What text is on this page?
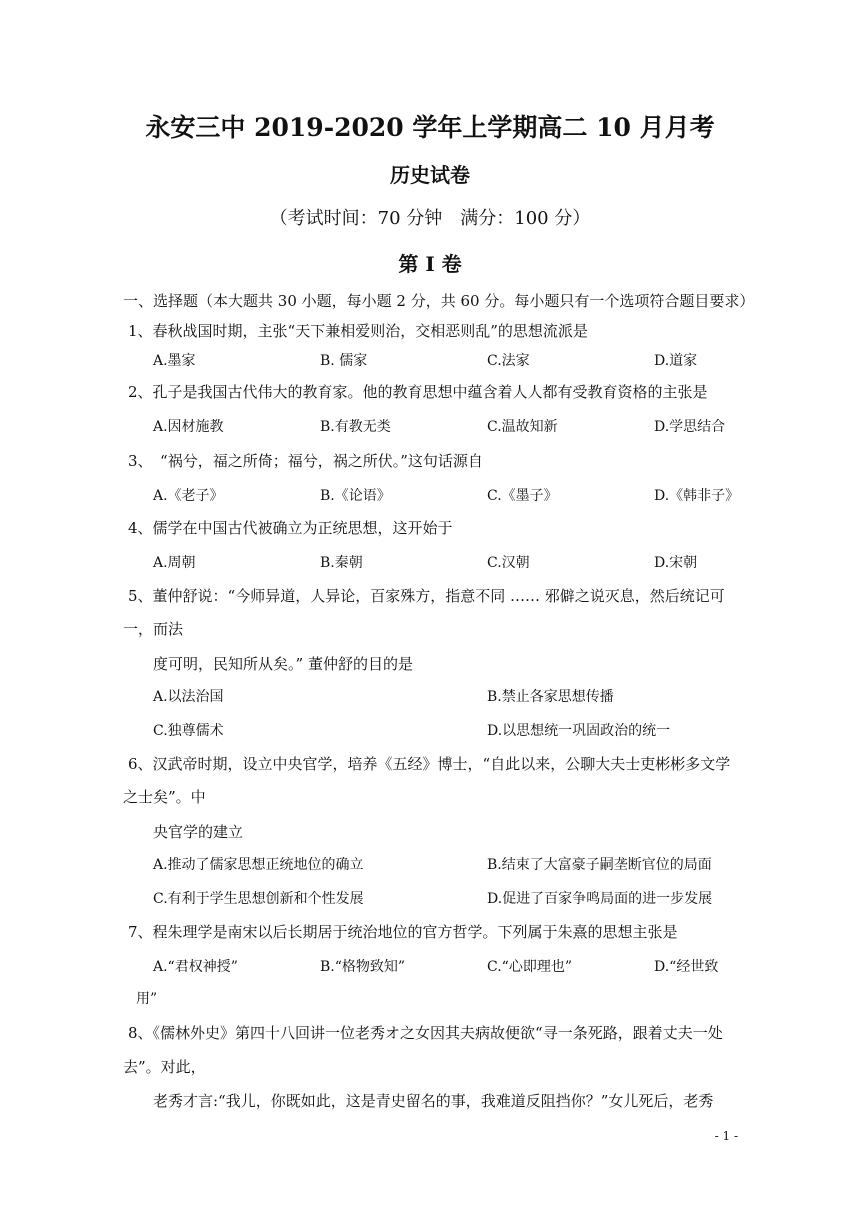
永安三中 2019-2020 学年上学期高二 10 月月考
历史试卷
（考试时间：70 分钟　满分：100 分）
第 I 卷
一、选择题（本大题共 30 小题，每小题 2 分，共 60 分。每小题只有一个选项符合题目要求）
1、春秋战国时期，主张“天下兼相爱则治，交相恶则乱”的思想流派是
A.墨家	B. 儒家	C.法家	D.道家
2、孔子是我国古代伟大的教育家。他的教育思想中蕴含着人人都有受教育资格的主张是
A.因材施教	B.有教无类	C.温故知新	D.学思结合
3、　“祸兮，福之所倚；福兮，祸之所伏。”这句话源自
A.《老子》	B.《论语》	C.《墨子》	D.《韩非子》
4、儒学在中国古代被确立为正统思想，这开始于
A.周朝	B.秦朝	C.汉朝	D.宋朝
5、董仲舒说：“今师异道，人异论，百家殊方，指意不同 …… 邪僻之说灭息，然后统记可
一，而法
度可明，民知所从矣。” 董仲舒的目的是
A.以法治国	B.禁止各家思想传播
C.独尊儒术	D.以思想统一巩固政治的统一
6、汉武帝时期，设立中央官学，培养《五经》博士，“自此以来，公聊大夫士吏彬彬多文学
之士矣”。中
央官学的建立
A.推动了儒家思想正统地位的确立	B.结束了大富豪子嗣垄断官位的局面
C.有利于学生思想创新和个性发展	D.促进了百家争鸣局面的进一步发展
7、程朱理学是南宋以后长期居于统治地位的官方哲学。下列属于朱熹的思想主张是
A.“君权神授”	B.“格物致知”	C.“心即理也”	D.“经世致
用”
8、《儒林外史》第四十八回讲一位老秀オ之女因其夫病故便欲“寻一条死路，跟着丈夫一处
去”。对此，
老秀才言:“我儿，你既如此，这是青史留名的事，我难道反阻挡你？”女儿死后，老秀
- 1 -
